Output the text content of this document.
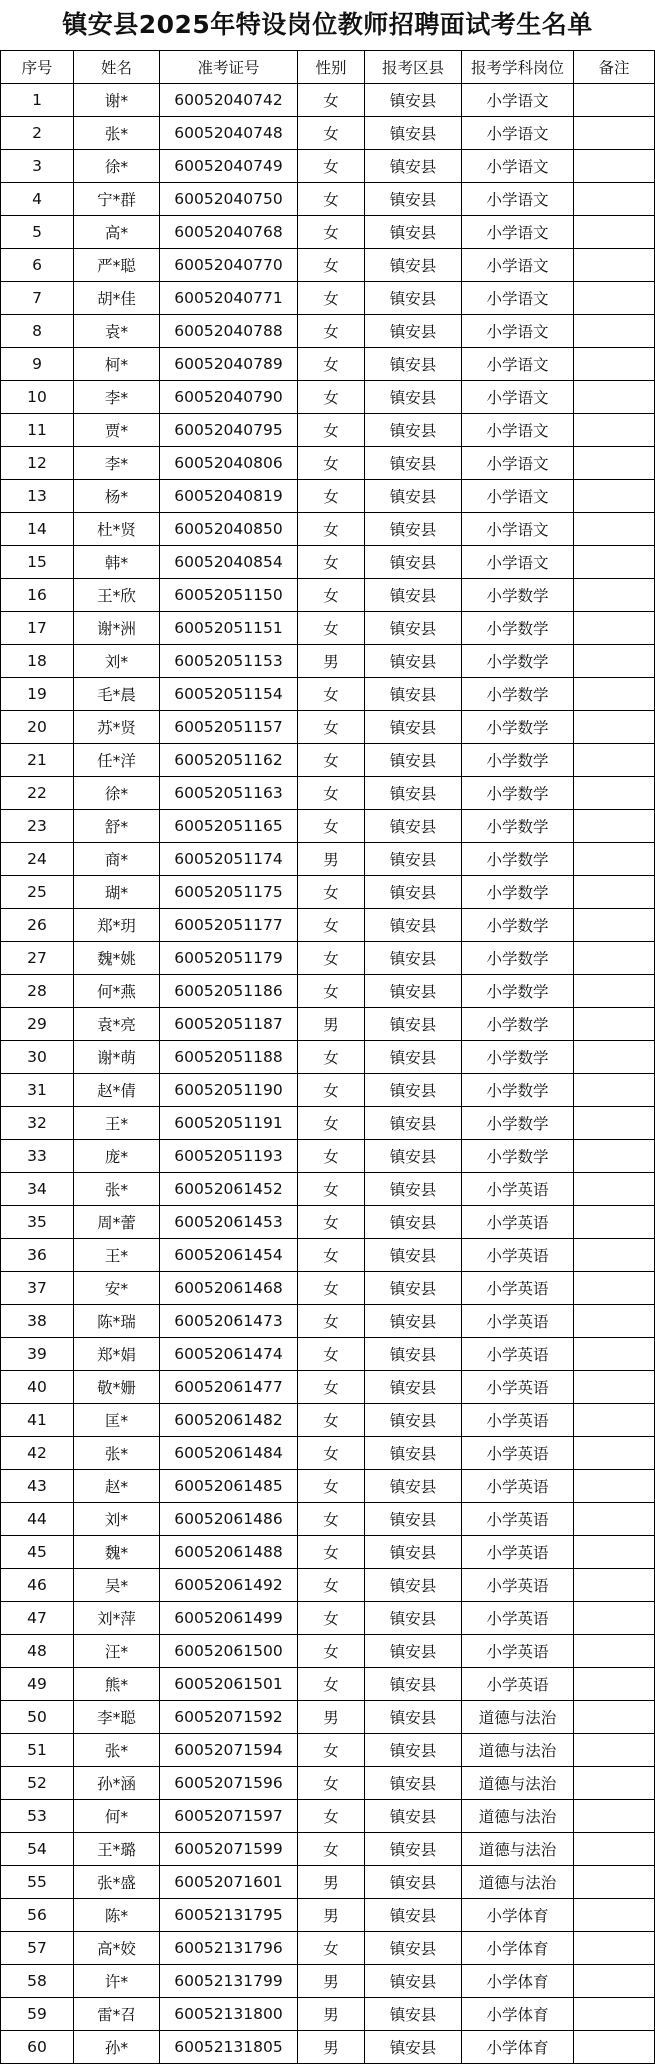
镇安县2025年特设岗位教师招聘面试考生名单
序号	姓名	准考证号	性别	报考区县	报考学科岗位	备注
1	谢*	60052040742	女	镇安县	小学语文	
2	张*	60052040748	女	镇安县	小学语文	
3	徐*	60052040749	女	镇安县	小学语文	
4	宁*群	60052040750	女	镇安县	小学语文	
5	高*	60052040768	女	镇安县	小学语文	
6	严*聪	60052040770	女	镇安县	小学语文	
7	胡*佳	60052040771	女	镇安县	小学语文	
8	袁*	60052040788	女	镇安县	小学语文	
9	柯*	60052040789	女	镇安县	小学语文	
10	李*	60052040790	女	镇安县	小学语文	
11	贾*	60052040795	女	镇安县	小学语文	
12	李*	60052040806	女	镇安县	小学语文	
13	杨*	60052040819	女	镇安县	小学语文	
14	杜*贤	60052040850	女	镇安县	小学语文	
15	韩*	60052040854	女	镇安县	小学语文	
16	王*欣	60052051150	女	镇安县	小学数学	
17	谢*洲	60052051151	女	镇安县	小学数学	
18	刘*	60052051153	男	镇安县	小学数学	
19	毛*晨	60052051154	女	镇安县	小学数学	
20	苏*贤	60052051157	女	镇安县	小学数学	
21	任*洋	60052051162	女	镇安县	小学数学	
22	徐*	60052051163	女	镇安县	小学数学	
23	舒*	60052051165	女	镇安县	小学数学	
24	商*	60052051174	男	镇安县	小学数学	
25	瑚*	60052051175	女	镇安县	小学数学	
26	郑*玥	60052051177	女	镇安县	小学数学	
27	魏*姚	60052051179	女	镇安县	小学数学	
28	何*燕	60052051186	女	镇安县	小学数学	
29	袁*亮	60052051187	男	镇安县	小学数学	
30	谢*萌	60052051188	女	镇安县	小学数学	
31	赵*倩	60052051190	女	镇安县	小学数学	
32	王*	60052051191	女	镇安县	小学数学	
33	庞*	60052051193	女	镇安县	小学数学	
34	张*	60052061452	女	镇安县	小学英语	
35	周*蕾	60052061453	女	镇安县	小学英语	
36	王*	60052061454	女	镇安县	小学英语	
37	安*	60052061468	女	镇安县	小学英语	
38	陈*瑞	60052061473	女	镇安县	小学英语	
39	郑*娟	60052061474	女	镇安县	小学英语	
40	敬*姗	60052061477	女	镇安县	小学英语	
41	匡*	60052061482	女	镇安县	小学英语	
42	张*	60052061484	女	镇安县	小学英语	
43	赵*	60052061485	女	镇安县	小学英语	
44	刘*	60052061486	女	镇安县	小学英语	
45	魏*	60052061488	女	镇安县	小学英语	
46	吴*	60052061492	女	镇安县	小学英语	
47	刘*萍	60052061499	女	镇安县	小学英语	
48	汪*	60052061500	女	镇安县	小学英语	
49	熊*	60052061501	女	镇安县	小学英语	
50	李*聪	60052071592	男	镇安县	道德与法治	
51	张*	60052071594	女	镇安县	道德与法治	
52	孙*涵	60052071596	女	镇安县	道德与法治	
53	何*	60052071597	女	镇安县	道德与法治	
54	王*璐	60052071599	女	镇安县	道德与法治	
55	张*盛	60052071601	男	镇安县	道德与法治	
56	陈*	60052131795	男	镇安县	小学体育	
57	高*姣	60052131796	女	镇安县	小学体育	
58	许*	60052131799	男	镇安县	小学体育	
59	雷*召	60052131800	男	镇安县	小学体育	
60	孙*	60052131805	男	镇安县	小学体育	
